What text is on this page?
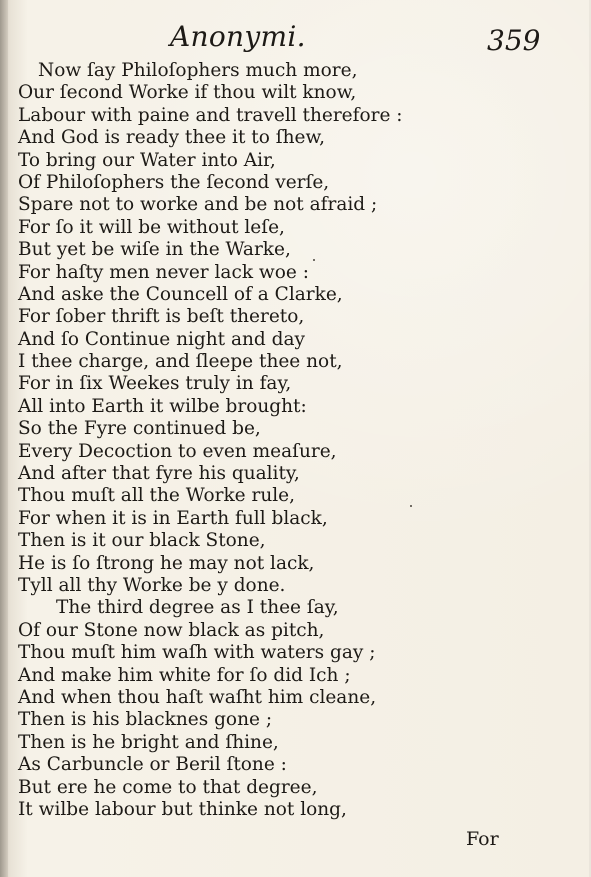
Anonymi.	359
Now ſay Philoſophers much more,
Our ſecond Worke if thou wilt know,
Labour with paine and travell therefore :
And God is ready thee it to ſhew,
To bring our Water into Air,
Of Philoſophers the ſecond verſe,
Spare not to worke and be not afraid ;
For ſo it will be without leſe,
But yet be wiſe in the Warke,
For haſty men never lack woe :
And aske the Councell of a Clarke,
For ſober thrift is beſt thereto,
And ſo Continue night and day
I thee charge, and ſleepe thee not,
For in ſix Weekes truly in fay,
All into Earth it wilbe brought:
So the Fyre continued be,
Every Decoction to even meaſure,
And after that fyre his quality,
Thou muſt all the Worke rule,
For when it is in Earth full black,
Then is it our black Stone,
He is ſo ſtrong he may not lack,
Tyll all thy Worke be y done.
The third degree as I thee ſay,
Of our Stone now black as pitch,
Thou muſt him waſh with waters gay ;
And make him white for ſo did Ich ;
And when thou haſt waſht him cleane,
Then is his blacknes gone ;
Then is he bright and ſhine,
As Carbuncle or Beril ſtone :
But ere he come to that degree,
It wilbe labour but thinke not long,
For
